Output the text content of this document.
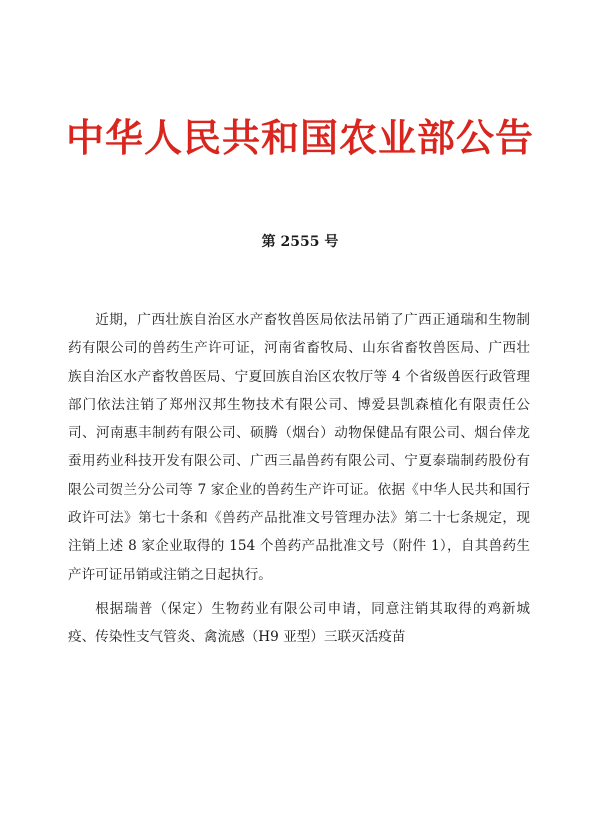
中华人民共和国农业部公告
第 2555 号

近期，广西壮族自治区水产畜牧兽医局依法吊销了广西正通瑞和生物制药有限公司的兽药生产许可证，河南省畜牧局、山东省畜牧兽医局、广西壮族自治区水产畜牧兽医局、宁夏回族自治区农牧厅等 4 个省级兽医行政管理部门依法注销了郑州汉邦生物技术有限公司、博爱县凯森植化有限责任公司、河南惠丰制药有限公司、硕腾（烟台）动物保健品有限公司、烟台倖龙蚕用药业科技开发有限公司、广西三晶兽药有限公司、宁夏泰瑞制药股份有限公司贺兰分公司等 7 家企业的兽药生产许可证。依据《中华人民共和国行政许可法》第七十条和《兽药产品批准文号管理办法》第二十七条规定，现注销上述 8 家企业取得的 154 个兽药产品批准文号（附件 1），自其兽药生产许可证吊销或注销之日起执行。

根据瑞普（保定）生物药业有限公司申请，同意注销其取得的鸡新城疫、传染性支气管炎、禽流感（H9 亚型）三联灭活疫苗
